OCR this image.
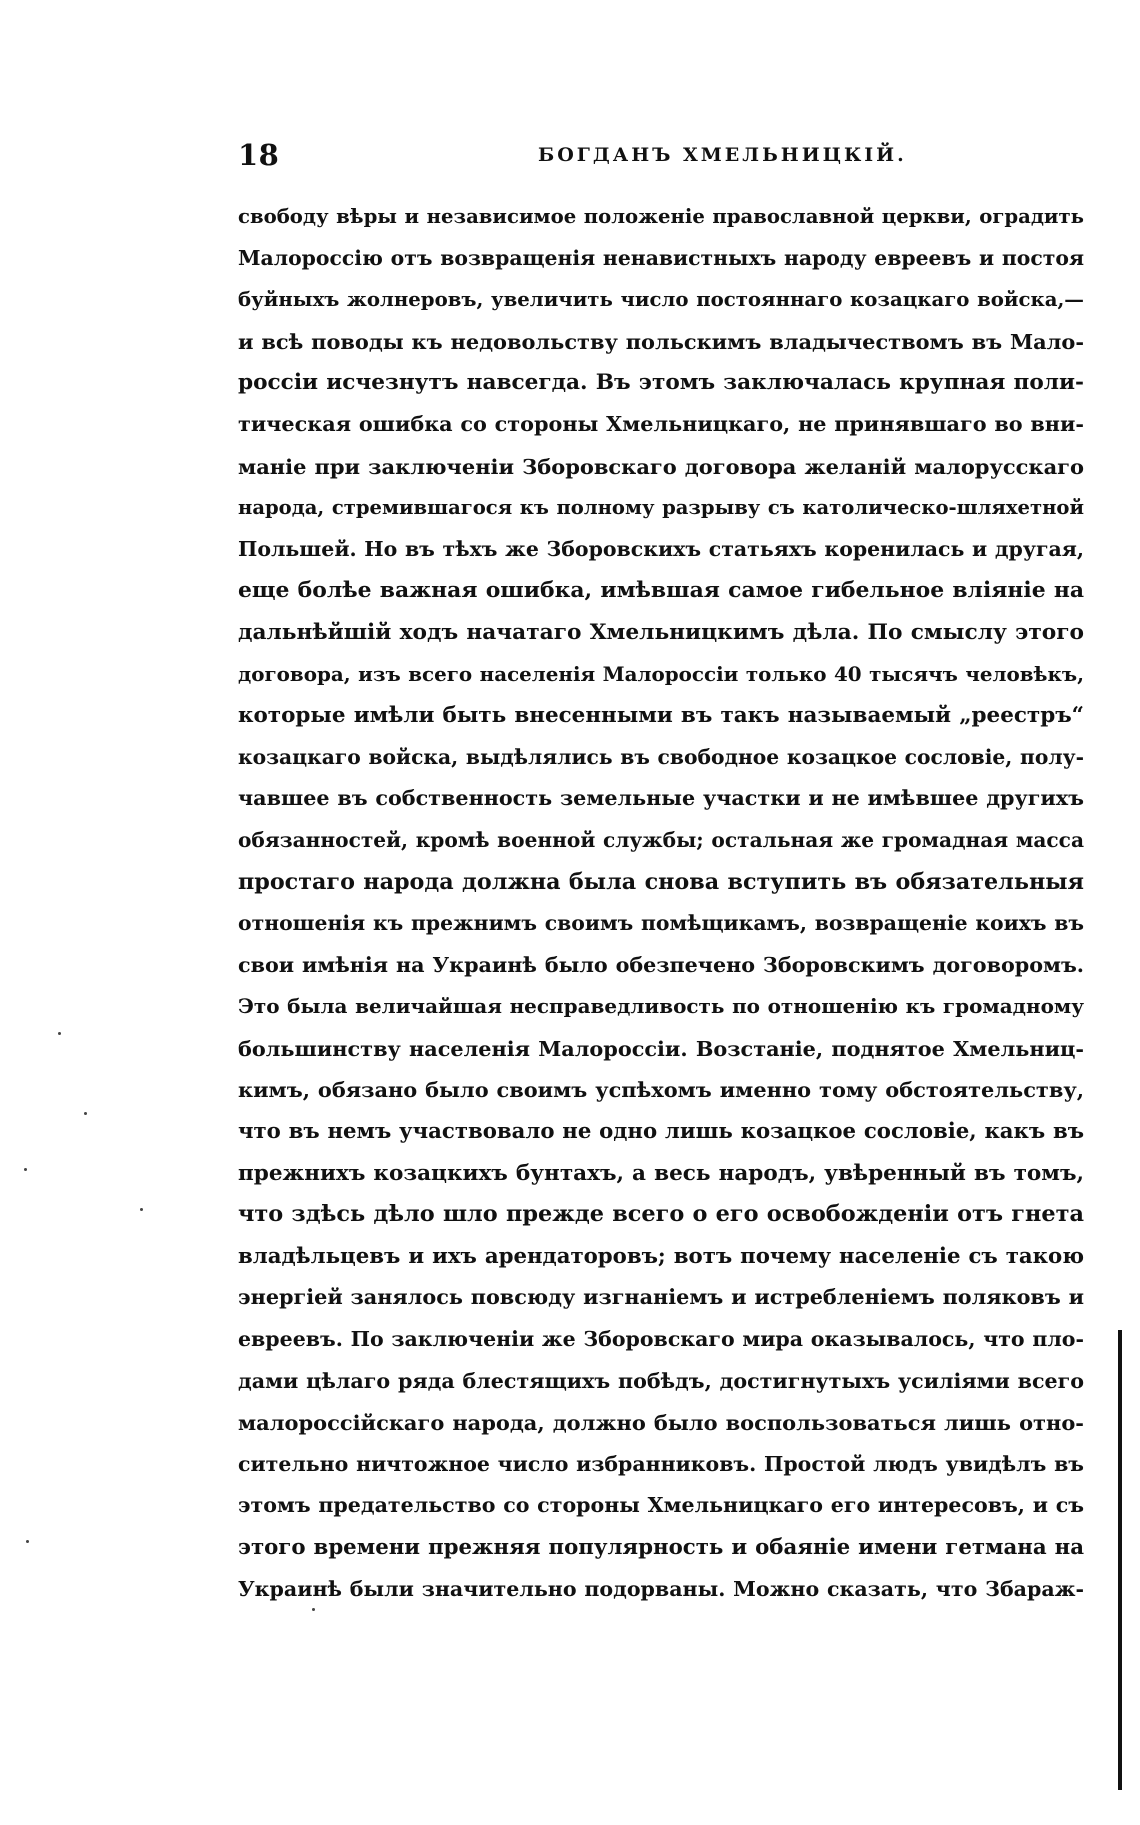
18	БОГДАНЪ ХМЕЛЬНИЦКІЙ.
свободу вѣры и независимое положеніе православной церкви, оградить
Малороссію отъ возвращенія ненавистныхъ народу евреевъ и постоя
буйныхъ жолнеровъ, увеличить число постояннаго козацкаго войска,—
и всѣ поводы къ недовольству польскимъ владычествомъ въ Мало-
россіи исчезнутъ навсегда. Въ этомъ заключалась крупная поли-
тическая ошибка со стороны Хмельницкаго, не принявшаго во вни-
маніе при заключеніи Зборовскаго договора желаній малорусскаго
народа, стремившагося къ полному разрыву съ католическо-шляхетной
Польшей. Но въ тѣхъ же Зборовскихъ статьяхъ коренилась и другая,
еще болѣе важная ошибка, имѣвшая самое гибельное вліяніе на
дальнѣйшій ходъ начатаго Хмельницкимъ дѣла. По смыслу этого
договора, изъ всего населенія Малороссіи только 40 тысячъ человѣкъ,
которые имѣли быть внесенными въ такъ называемый „реестръ“
козацкаго войска, выдѣлялись въ свободное козацкое сословіе, полу-
чавшее въ собственность земельные участки и не имѣвшее другихъ
обязанностей, кромѣ военной службы; остальная же громадная масса
простаго народа должна была снова вступить въ обязательныя
отношенія къ прежнимъ своимъ помѣщикамъ, возвращеніе коихъ въ
свои имѣнія на Украинѣ было обезпечено Зборовскимъ договоромъ.
Это была величайшая несправедливость по отношенію къ громадному
большинству населенія Малороссіи. Возстаніе, поднятое Хмельниц-
кимъ, обязано было своимъ успѣхомъ именно тому обстоятельству,
что въ немъ участвовало не одно лишь козацкое сословіе, какъ въ
прежнихъ козацкихъ бунтахъ, а весь народъ, увѣренный въ томъ,
что здѣсь дѣло шло прежде всего о его освобожденіи отъ гнета
владѣльцевъ и ихъ арендаторовъ; вотъ почему населеніе съ такою
энергіей занялось повсюду изгнаніемъ и истребленіемъ поляковъ и
евреевъ. По заключеніи же Зборовскаго мира оказывалось, что пло-
дами цѣлаго ряда блестящихъ побѣдъ, достигнутыхъ усиліями всего
малороссійскаго народа, должно было воспользоваться лишь отно-
сительно ничтожное число избранниковъ. Простой людъ увидѣлъ въ
этомъ предательство со стороны Хмельницкаго его интересовъ, и съ
этого времени прежняя популярность и обаяніе имени гетмана на
Украинѣ были значительно подорваны. Можно сказать, что Збараж-
